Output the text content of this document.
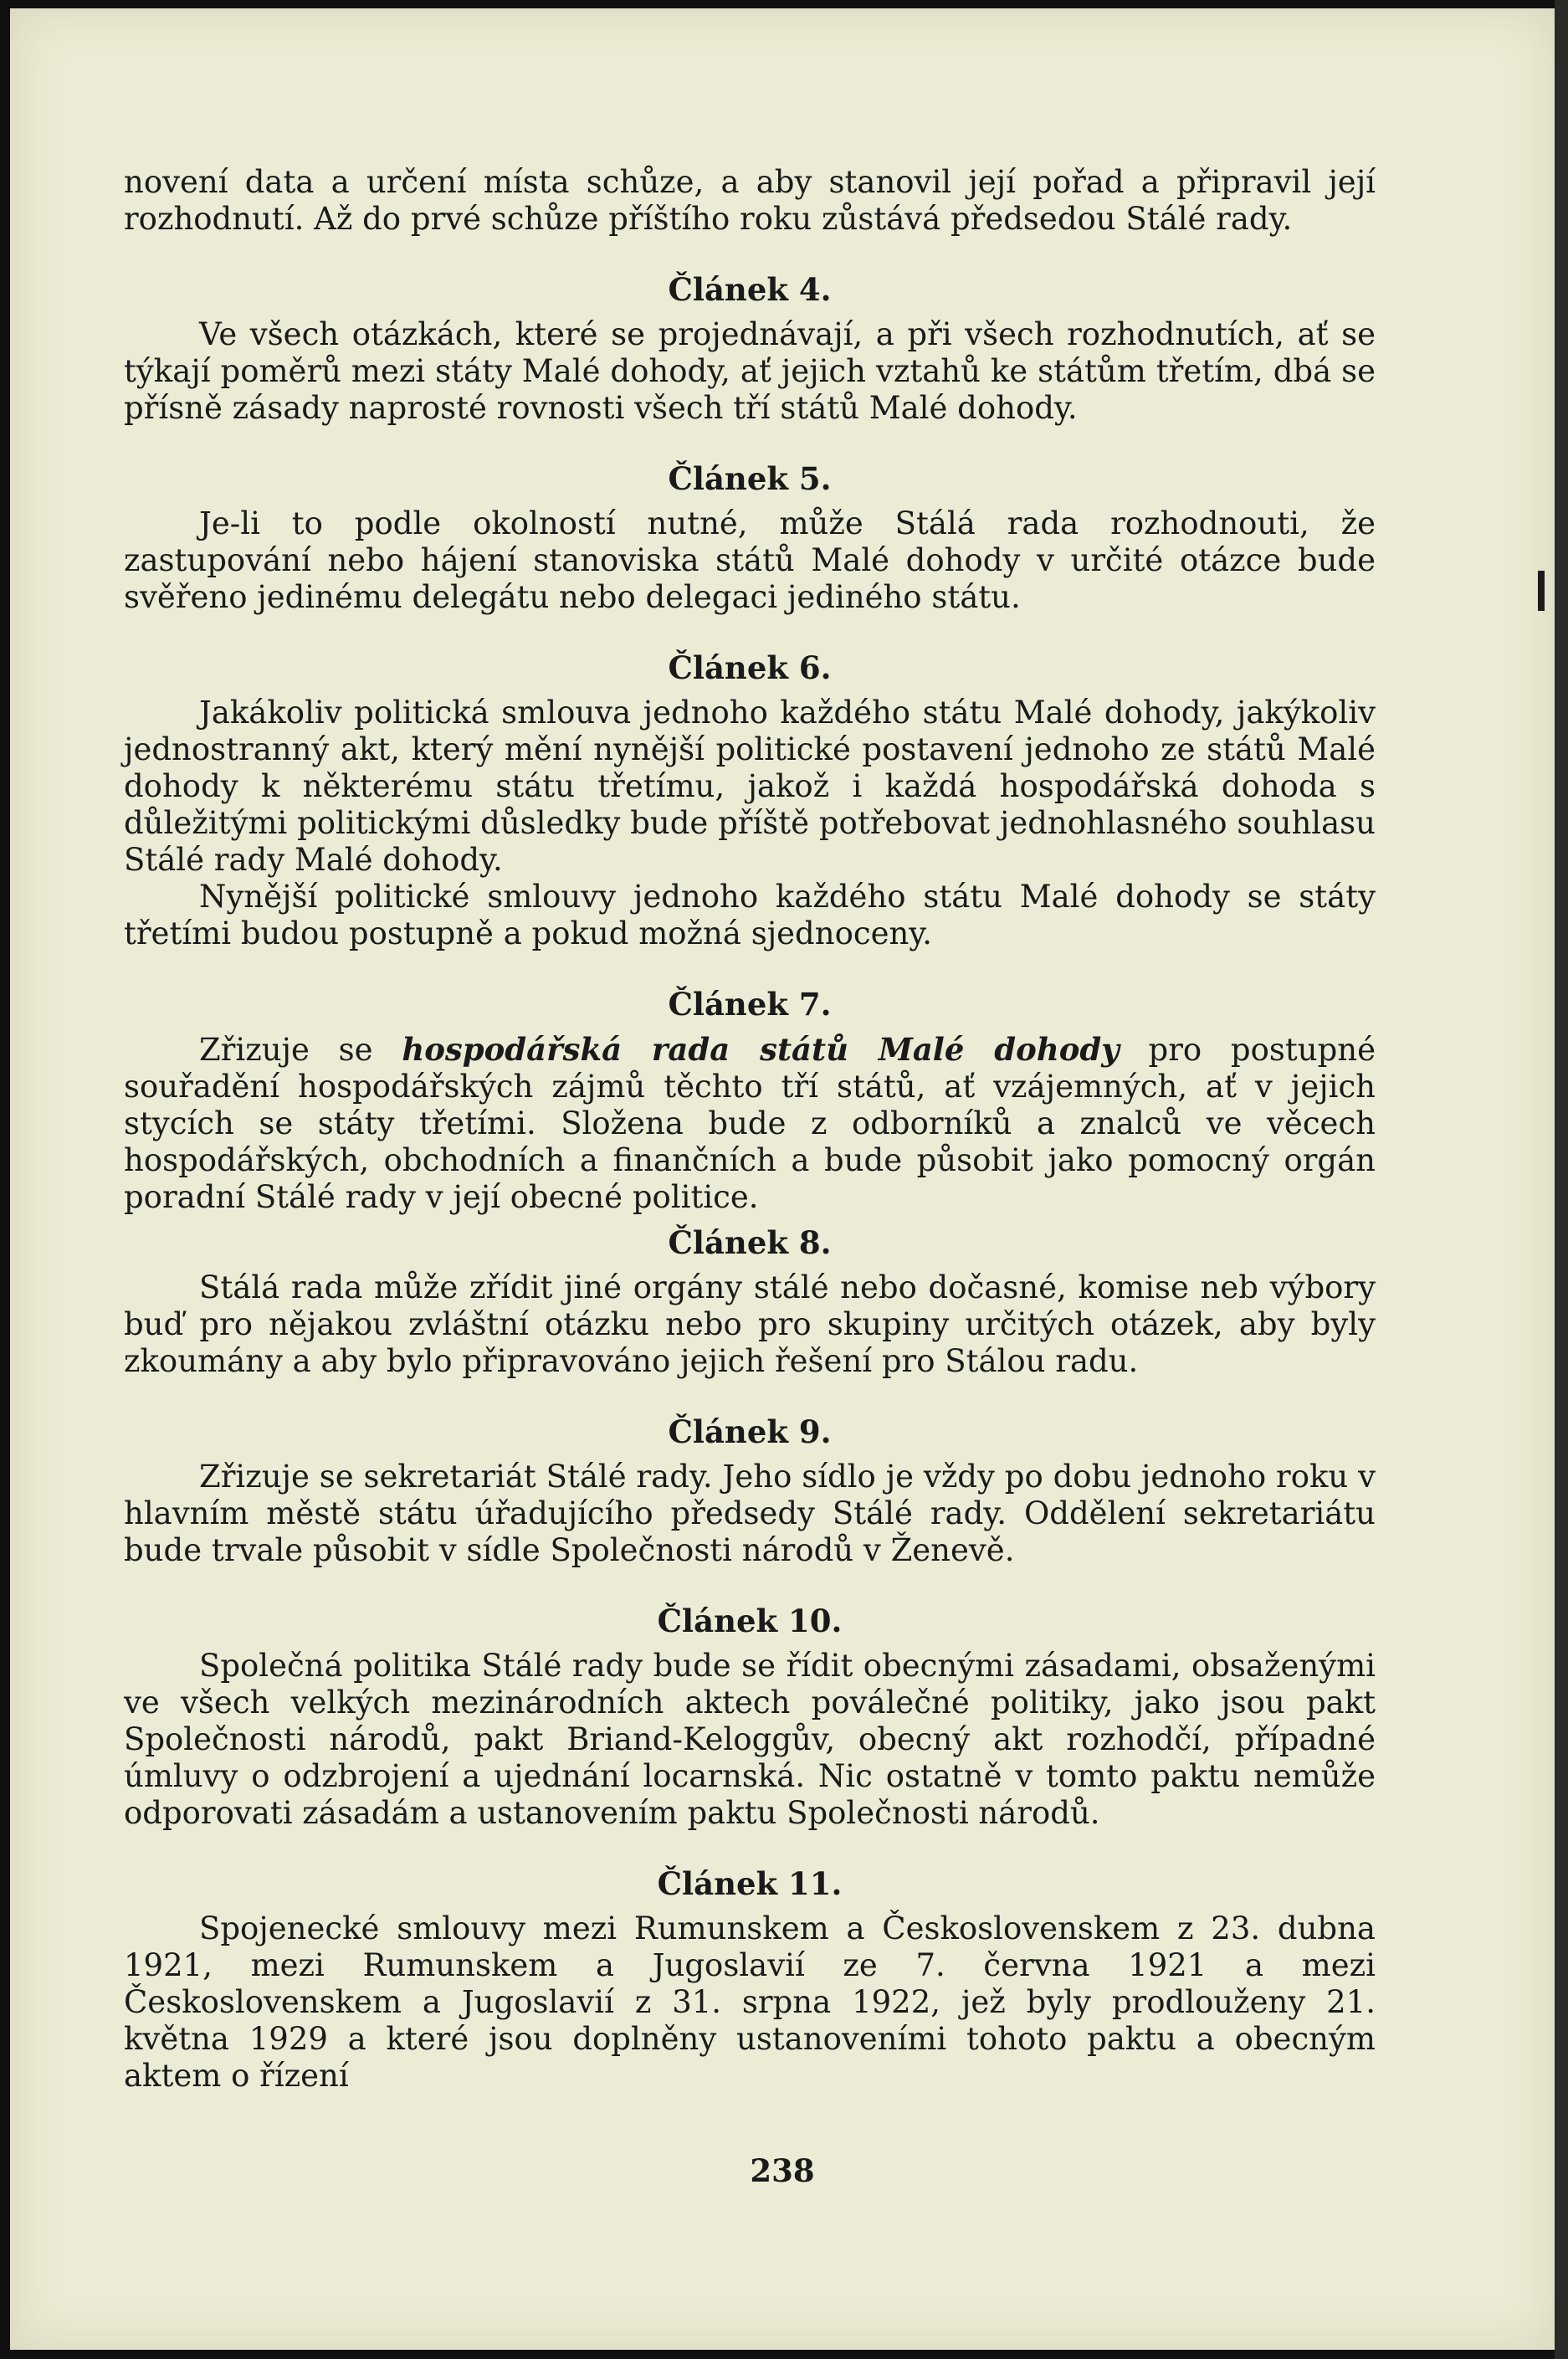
novení data a určení místa schůze, a aby stanovil její pořad a připravil její rozhodnutí. Až do prvé schůze příštího roku zůstává předsedou Stálé rady.

Článek 4.

Ve všech otázkách, které se projednávají, a při všech rozhodnutích, ať se týkají poměrů mezi státy Malé dohody, ať jejich vztahů ke státům třetím, dbá se přísně zásady naprosté rovnosti všech tří států Malé dohody.

Článek 5.

Je-li to podle okolností nutné, může Stálá rada rozhodnouti, že zastupování nebo hájení stanoviska států Malé dohody v určité otázce bude svěřeno jedinému delegátu nebo delegaci jediného státu.

Článek 6.

Jakákoliv politická smlouva jednoho každého státu Malé dohody, jakýkoliv jednostranný akt, který mění nynější politické postavení jednoho ze států Malé dohody k některému státu třetímu, jakož i každá hospodářská dohoda s důležitými politickými důsledky bude příště potřebovat jednohlasného souhlasu Stálé rady Malé dohody.

Nynější politické smlouvy jednoho každého státu Malé dohody se státy třetími budou postupně a pokud možná sjednoceny.

Článek 7.

Zřizuje se hospodářská rada států Malé dohody pro postupné souřadění hospodářských zájmů těchto tří států, ať vzájemných, ať v jejich stycích se státy třetími. Složena bude z odborníků a znalců ve věcech hospodářských, obchodních a finančních a bude působit jako pomocný orgán poradní Stálé rady v její obecné politice.

Článek 8.

Stálá rada může zřídit jiné orgány stálé nebo dočasné, komise neb výbory buď pro nějakou zvláštní otázku nebo pro skupiny určitých otázek, aby byly zkoumány a aby bylo připravováno jejich řešení pro Stálou radu.

Článek 9.

Zřizuje se sekretariát Stálé rady. Jeho sídlo je vždy po dobu jednoho roku v hlavním městě státu úřadujícího předsedy Stálé rady. Oddělení sekretariátu bude trvale působit v sídle Společnosti národů v Ženevě.

Článek 10.

Společná politika Stálé rady bude se řídit obecnými zásadami, obsaženými ve všech velkých mezinárodních aktech poválečné politiky, jako jsou pakt Společnosti národů, pakt Briand-Keloggův, obecný akt rozhodčí, případné úmluvy o odzbrojení a ujednání locarnská. Nic ostatně v tomto paktu nemůže odporovati zásadám a ustanovením paktu Společnosti národů.

Článek 11.

Spojenecké smlouvy mezi Rumunskem a Československem z 23. dubna 1921, mezi Rumunskem a Jugoslavií ze 7. června 1921 a mezi Československem a Jugoslavií z 31. srpna 1922, jež byly prodlouženy 21. května 1929 a které jsou doplněny ustanoveními tohoto paktu a obecným aktem o řízení

238
